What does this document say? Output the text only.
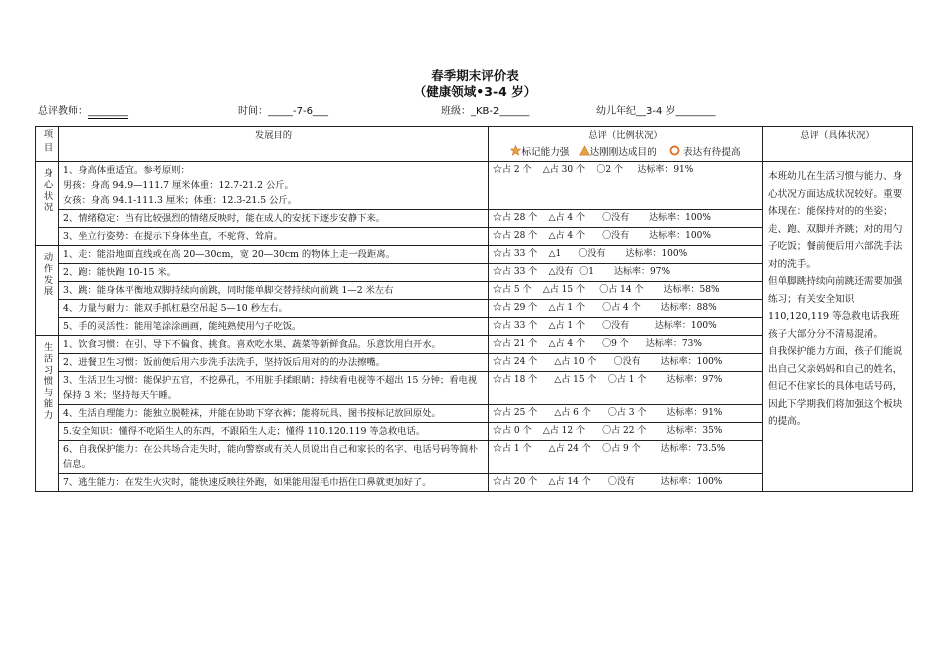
春季期末评价表
（健康领域•3-4 岁）
总评教师：________	时间：_____-7-6___	班级：_KB-2______	幼儿年纪__3-4 岁________
项目	发展目的	总评（比例状况）
标记能力强 达刚刚达成目的 表达有待提高	总评（具体状况）
身心状况	1、身高体重适宜。参考原则：
男孩：身高 94.9—111.7 厘米体重：12.7-21.2 公斤。
女孩：身高 94.1-111.3 厘米；体重：12.3-21.5 公斤。	☆占 2 个    △占 30 个    〇2 个     达标率：91%	本班幼儿在生活习惯与能力、身心状况方面达成状况较好。重要体现在：能保持对的的坐姿；走、跑、双脚并齐跳；对的用勺子吃饭；餐前便后用六部洗手法对的洗手。
但单脚跳持续向前跳还需要加强练习；有关安全知识 110,120,119 等急救电话我班孩子大部分分不清易混淆。
自我保护能力方面，孩子们能说出自己父亲妈妈和自己的姓名，但记不住家长的具体电话号码，因此下学期我们将加强这个板块的提高。
	2、情绪稳定：当有比较强烈的情绪反映时，能在成人的安抚下逐步安静下来。	☆占 28 个    △占 4 个      〇没有       达标率：100%	
	3、坐立行姿势：在提示下身体坐直，不驼背、耸肩。	☆占 28 个    △占 4 个      〇没有       达标率：100%	
动作发展	1、走：能沿地面直线或在高 20—30cm，宽 20—30cm 的物体上走一段距离。	☆占 33 个    △1      〇没有       达标率：100%	
	2、跑：能快跑 10-15 米。	☆占 33 个    △没有  〇1       达标率：97%	
	3、跳：能身体平衡地双脚持续向前跳，同时能单脚交替持续向前跳 1—2 米左右	☆占 5 个    △占 15 个     〇占 14 个       达标率：58%	
	4、力量与耐力：能双手抓杠悬空吊起 5—10 秒左右。	☆占 29 个    △占 1 个      〇占 4 个       达标率：88%	
	5、手的灵活性：能用笔涂涂画画，能纯熟使用勺子吃饭。	☆占 33 个    △占 1 个      〇没有         达标率：100%	
生活习惯与能力	1、饮食习惯：在引、导下不偏食、挑食。喜欢吃水果、蔬菜等新鲜食品。乐意饮用白开水。	☆占 21 个    △占 4 个      〇9 个      达标率：73%	
	2、进餐卫生习惯：饭前便后用六步洗手法洗手，坚持饭后用对的的办法擦嘴。	☆占 24 个      △占 10 个      〇没有       达标率：100%	
	3、生活卫生习惯：能保护五官，不挖鼻孔，不用脏手揉眼睛；持续看电视等不超出 15 分钟；看电视保持 3 米；坚持每天午睡。	☆占 18 个      △占 15 个    〇占 1 个       达标率：97%	
	4、生活自理能力：能独立脱鞋袜，并能在协助下穿衣裤；能将玩具、图书按标记放回原处。	☆占 25 个      △占 6 个      〇占 3 个       达标率：91%	
	5.安全知识：懂得不吃陌生人的东西，不跟陌生人走；懂得 110.120.119 等急救电话。	☆占 0 个    △占 12 个      〇占 22 个       达标率：35%	
	6、自我保护能力：在公共场合走失时，能向警察或有关人员说出自己和家长的名字、电话号码等简朴信息。	☆占 1 个      △占 24 个    〇占 9 个       达标率：73.5%	
	7、逃生能力：在发生火灾时，能快速反映往外跑，如果能用湿毛巾捂住口鼻就更加好了。	☆占 20 个    △占 14 个      〇没有         达标率：100%	
